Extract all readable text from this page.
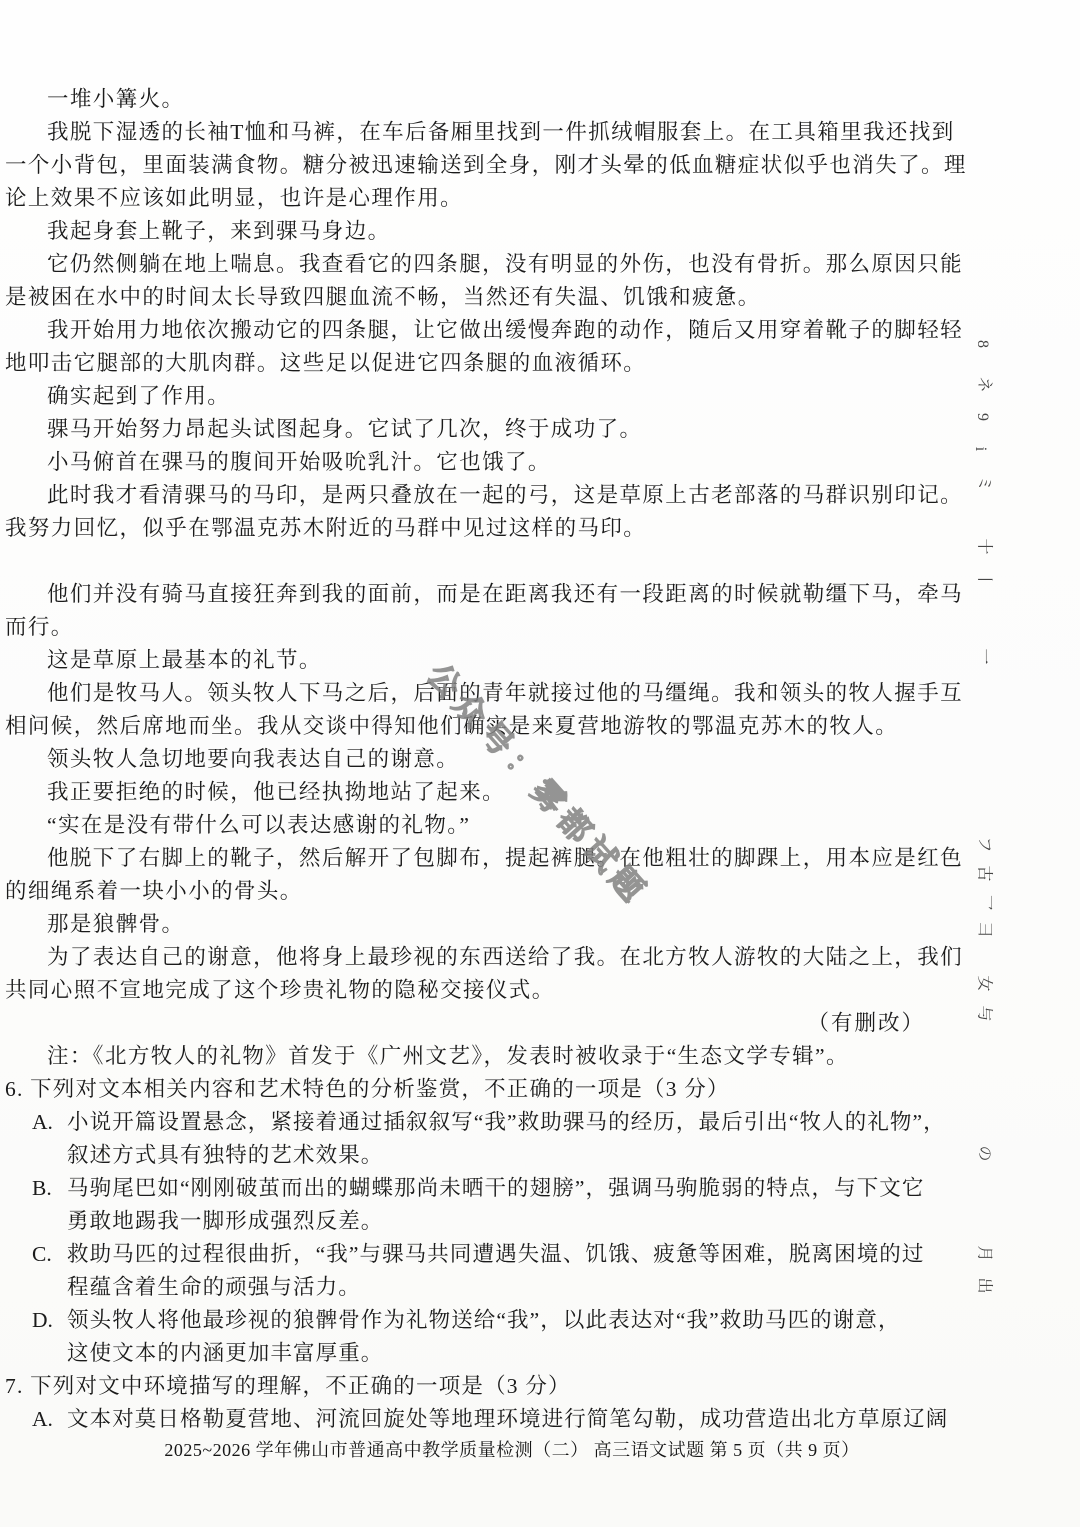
一堆小篝火。
我脱下湿透的长袖T恤和马裤，在车后备厢里找到一件抓绒帽服套上。在工具箱里我还找到
一个小背包，里面装满食物。糖分被迅速输送到全身，刚才头晕的低血糖症状似乎也消失了。理
论上效果不应该如此明显，也许是心理作用。
我起身套上靴子，来到骒马身边。
它仍然侧躺在地上喘息。我查看它的四条腿，没有明显的外伤，也没有骨折。那么原因只能
是被困在水中的时间太长导致四腿血流不畅，当然还有失温、饥饿和疲惫。
我开始用力地依次搬动它的四条腿，让它做出缓慢奔跑的动作，随后又用穿着靴子的脚轻轻
地叩击它腿部的大肌肉群。这些足以促进它四条腿的血液循环。
确实起到了作用。
骒马开始努力昂起头试图起身。它试了几次，终于成功了。
小马俯首在骒马的腹间开始吸吮乳汁。它也饿了。
此时我才看清骒马的马印，是两只叠放在一起的弓，这是草原上古老部落的马群识别印记。
我努力回忆，似乎在鄂温克苏木附近的马群中见过这样的马印。
他们并没有骑马直接狂奔到我的面前，而是在距离我还有一段距离的时候就勒缰下马，牵马
而行。
这是草原上最基本的礼节。
他们是牧马人。领头牧人下马之后，后面的青年就接过他的马缰绳。我和领头的牧人握手互
相问候，然后席地而坐。我从交谈中得知他们确实是来夏营地游牧的鄂温克苏木的牧人。
领头牧人急切地要向我表达自己的谢意。
我正要拒绝的时候，他已经执拗地站了起来。
“实在是没有带什么可以表达感谢的礼物。”
他脱下了右脚上的靴子，然后解开了包脚布，提起裤腿。在他粗壮的脚踝上，用本应是红色
的细绳系着一块小小的骨头。
那是狼髀骨。
为了表达自己的谢意，他将身上最珍视的东西送给了我。在北方牧人游牧的大陆之上，我们
共同心照不宣地完成了这个珍贵礼物的隐秘交接仪式。
（有删改）
注：《北方牧人的礼物》首发于《广州文艺》，发表时被收录于“生态文学专辑”。
6. 下列对文本相关内容和艺术特色的分析鉴赏，不正确的一项是（3 分）
A. 小说开篇设置悬念，紧接着通过插叙叙写“我”救助骒马的经历，最后引出“牧人的礼物”，
叙述方式具有独特的艺术效果。
B. 马驹尾巴如“刚刚破茧而出的蝴蝶那尚未晒干的翅膀”，强调马驹脆弱的特点，与下文它
勇敢地踢我一脚形成强烈反差。
C. 救助马匹的过程很曲折，“我”与骒马共同遭遇失温、饥饿、疲惫等困难，脱离困境的过
程蕴含着生命的顽强与活力。
D. 领头牧人将他最珍视的狼髀骨作为礼物送给“我”，以此表达对“我”救助马匹的谢意，
这使文本的内涵更加丰富厚重。
7. 下列对文中环境描写的理解，不正确的一项是（3 分）
A. 文本对莫日格勒夏营地、河流回旋处等地理环境进行简笔勾勒，成功营造出北方草原辽阔
公众号：雾都试题
8
ネ
9
i
ミ
十
丨
一
フ
古
乛
彐
女
与
の
月
出
2025~2026 学年佛山市普通高中教学质量检测（二） 高三语文试题 第 5 页（共 9 页）
